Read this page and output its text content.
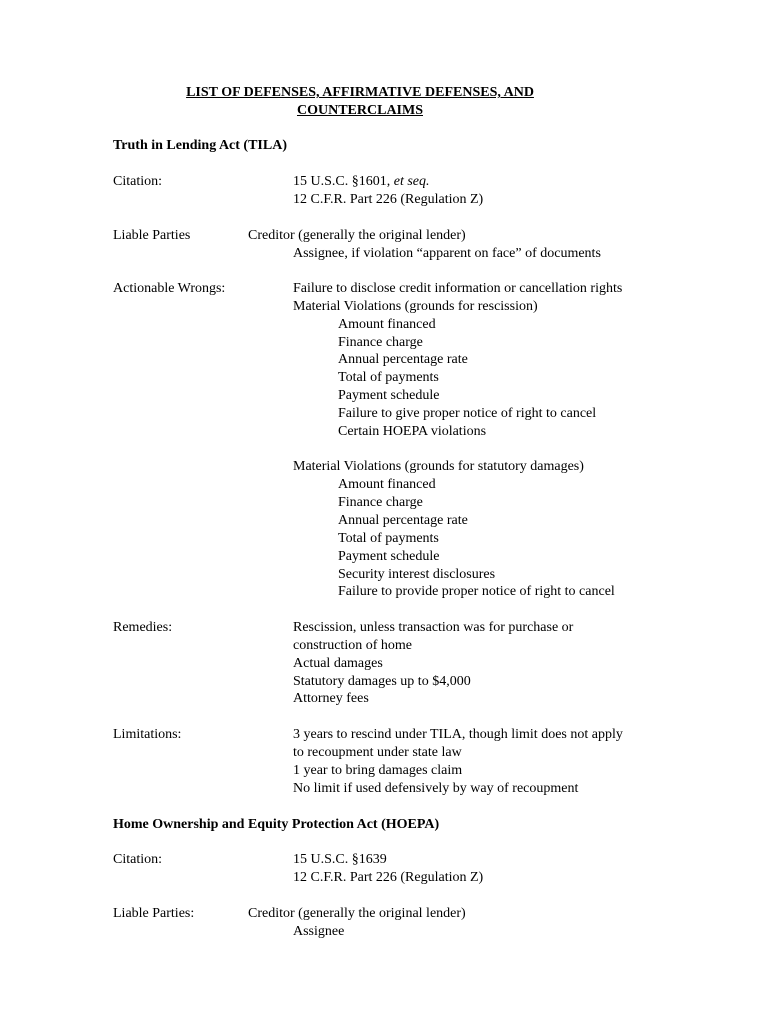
LIST OF DEFENSES, AFFIRMATIVE DEFENSES, AND
COUNTERCLAIMS
Truth in Lending Act (TILA)
Citation:	15 U.S.C. §1601, et seq.
12 C.F.R. Part 226 (Regulation Z)
Liable Parties	Creditor (generally the original lender)
Assignee, if violation “apparent on face” of documents
Actionable Wrongs:	Failure to disclose credit information or cancellation rights
Material Violations (grounds for rescission)
Amount financed
Finance charge
Annual percentage rate
Total of payments
Payment schedule
Failure to give proper notice of right to cancel
Certain HOEPA violations
Material Violations (grounds for statutory damages)
Amount financed
Finance charge
Annual percentage rate
Total of payments
Payment schedule
Security interest disclosures
Failure to provide proper notice of right to cancel
Remedies:	Rescission, unless transaction was for purchase or
construction of home
Actual damages
Statutory damages up to $4,000
Attorney fees
Limitations:	3 years to rescind under TILA, though limit does not apply
to recoupment under state law
1 year to bring damages claim
No limit if used defensively by way of recoupment
Home Ownership and Equity Protection Act (HOEPA)
Citation:	15 U.S.C. §1639
12 C.F.R. Part 226 (Regulation Z)
Liable Parties:	Creditor (generally the original lender)
Assignee
